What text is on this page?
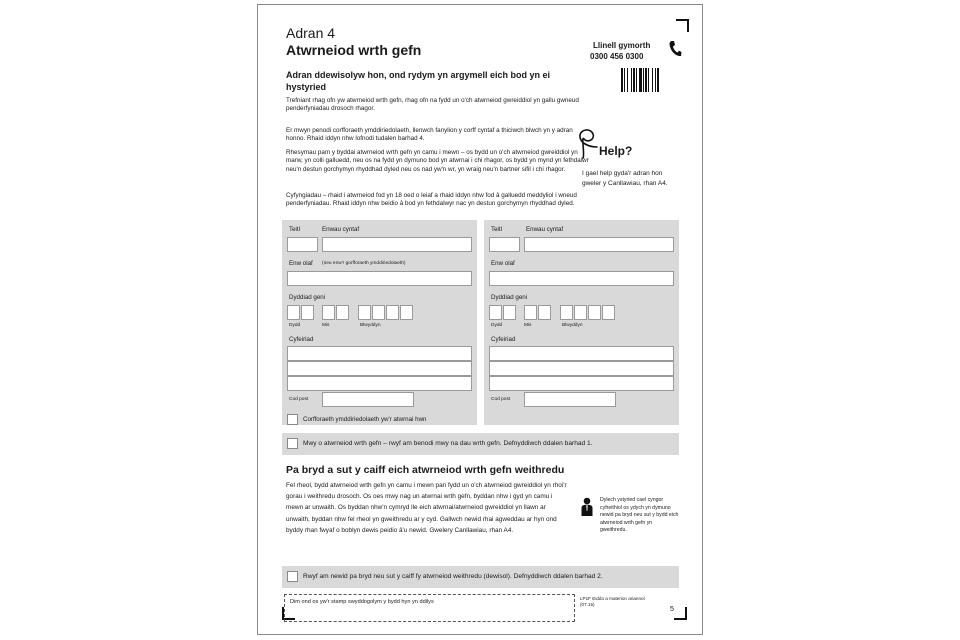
Adran 4
Atwrneiod wrth gefn	Llinell gymorth
0300 456 0300
Adran ddewisolyw hon, ond rydym yn argymell eich bod yn ei hystyried
Trefniant rhag ofn yw atwrneiod wrth gefn, rhag ofn na fydd un o'ch atwrneiod gwreiddiol yn gallu gwneud penderfyniadau drosoch rhagor.
Er mwyn penodi corfforaeth ymddiriedolaeth, llenwch fanylion y corff cyntaf a thiciwch blwch yn y adran honno. Rhaid iddyn nhw lofnodi tudalen barhad 4.
Rhesymau pam y byddai atwrneiod wrth gefn yn camu i mewn – os bydd un o'ch atwrneiod gwreiddiol yn marw, yn colli galluedd, neu os na fydd yn dymuno bod yn atwrnai i chi rhagor, os bydd yn mynd yn fethdalwr neu'n destun gorchymyn rhyddhad dyled neu os nad yw'n wr, yn wraig neu'n bartner sifil i chi rhagor.
Cyfyngiadau – rhaid i atwrneiod fod yn 18 oed o leiaf a rhaid iddyn nhw fod â galluedd meddyliol i wneud penderfyniadau. Rhaid iddyn nhw beidio â bod yn fethdalwyr nac yn destun gorchymyn rhyddhad dyled.
Help?
I gael help gyda'r adran hon gweler y Canllawiau, rhan A4.
Teitl	Enwau cyntaf
Enw olaf (neu enw'r gorfforaeth ymddiriedolaeth)
Dyddiad geni
Dydd	Mis	Blwyddyn
Cyfeiriad
Cod post
Corfforaeth ymddiriedolaeth yw'r atwrnai hwn
Teitl	Enwau cyntaf
Enw olaf
Dyddiad geni
Dydd	Mis	Blwyddyn
Cyfeiriad
Cod post
Mwy o atwrneiod wrth gefn – rwyf am benodi mwy na dau wrth gefn. Defnyddiwch ddalen barhad 1.
Pa bryd a sut y caiff eich atwrneiod wrth gefn weithredu
Fel rheol, bydd atwrneiod wrth gefn yn camu i mewn pan fydd un o'ch atwrneiod gwreiddiol yn rhoi'r gorau i weithredu drosoch. Os oes mwy nag un atwrnai wrth gefn, byddan nhw i gyd yn camu i mewn ar unwaith. Os byddan nhw'n cymryd lle eich atwrnai/atwrneiod gwreiddiol yn llawn ar unwaith, byddan nhw fel rheol yn gweithredu ar y cyd. Gallwch newid rhai agweddau ar hyn ond byddy rhan fwyaf o boblyn dewis peidio â'u newid. Gwelery Canllawiau, rhan A4.
Dylech ystyried cael cyngor cyfreithiol os ydych yn dymuno newid pa bryd neu sut y bydd eich atwrneiod wrth gefn yn gweithredu.
Rwyf am newid pa bryd neu sut y caiff fy atwrneiod weithredu (dewisol). Defnyddiwch ddalen barhad 2.
Dim ond os yw'r stamp swyddogolym y bydd hyn yn ddilys
LP1F Eiddo a materion ariannol (07.15)
5
